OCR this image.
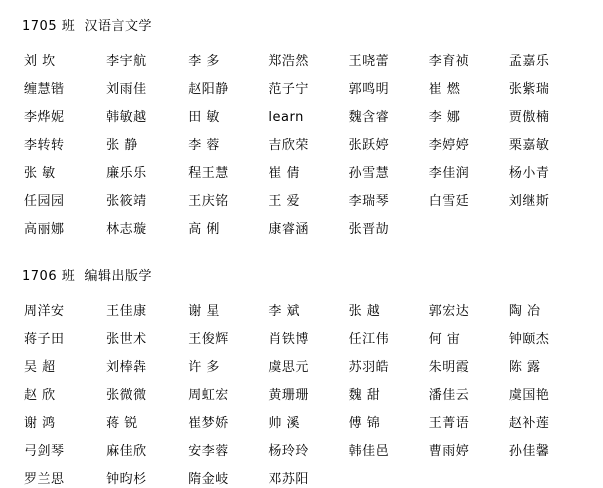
1705 班  汉语言文学
刘 坎	李宇航	李 多	郑浩然	王哓蕾	李育祯	孟嘉乐
缠慧锴	刘雨佳	赵阳静	范子宁	郭鸣明	崔 燃	张紫瑞
李烨妮	韩敏越	田 敏	learn	魏含睿	李 娜	贾傲楠
李转转	张 静	李 蓉	吉欣荣	张跃婷	李婷婷	栗嘉敏
张 敏	廉乐乐	程王慧	崔 倩	孙雪慧	李佳润	杨小青
任园园	张筱靖	王庆铭	王 爱	李瑞琴	白雪廷	刘继斯
高丽娜	林志璇	高 俐	康睿涵	张晋劼
1706 班  编辑出版学
周洋安	王佳康	谢 星	李 斌	张 越	郭宏达	陶 冶
蒋子田	张世术	王俊辉	肖铁博	任江伟	何 宙	钟颐杰
吴 超	刘棒犇	许 多	虞思元	苏羽皓	朱明霞	陈 露
赵 欣	张微微	周虹宏	黄珊珊	魏 甜	潘佳云	虞国艳
谢 鸿	蒋 锐	崔梦娇	帅 溪	傅 锦	王菁语	赵补莲
弓剑琴	麻佳欣	安李蓉	杨玲玲	韩佳邑	曹雨婷	孙佳馨
罗兰思	钟昀杉	隋金岐	邓苏阳
